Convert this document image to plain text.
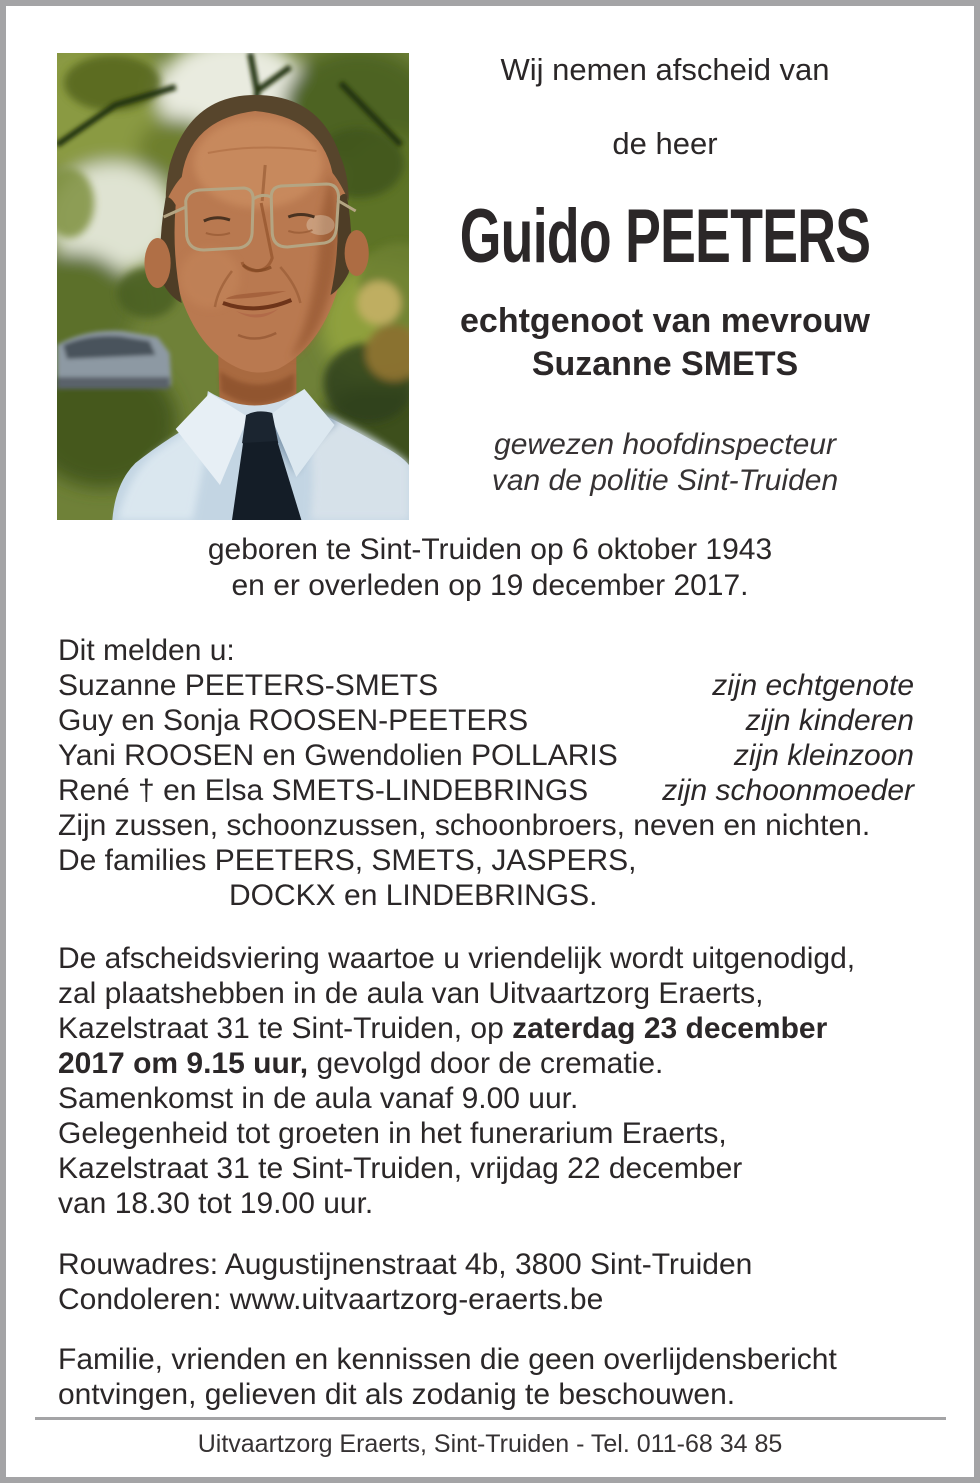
Wij nemen afscheid van
de heer
Guido PEETERS
echtgenoot van mevrouw
Suzanne SMETS
gewezen hoofdinspecteur
van de politie Sint-Truiden
geboren te Sint-Truiden op 6 oktober 1943
en er overleden op 19 december 2017.
Dit melden u:
Suzanne PEETERS-SMETS	zijn echtgenote
Guy en Sonja ROOSEN-PEETERS	zijn kinderen
Yani ROOSEN en Gwendolien POLLARIS	zijn kleinzoon
René † en Elsa SMETS-LINDEBRINGS zijn schoonmoeder
Zijn zussen, schoonzussen, schoonbroers, neven en nichten.
De families PEETERS, SMETS, JASPERS,
DOCKX en LINDEBRINGS.
De afscheidsviering waartoe u vriendelijk wordt uitgenodigd,
zal plaatshebben in de aula van Uitvaartzorg Eraerts,
Kazelstraat 31 te Sint-Truiden, op zaterdag 23 december
2017 om 9.15 uur, gevolgd door de crematie.
Samenkomst in de aula vanaf 9.00 uur.
Gelegenheid tot groeten in het funerarium Eraerts,
Kazelstraat 31 te Sint-Truiden, vrijdag 22 december
van 18.30 tot 19.00 uur.
Rouwadres: Augustijnenstraat 4b, 3800 Sint-Truiden
Condoleren: www.uitvaartzorg-eraerts.be
Familie, vrienden en kennissen die geen overlijdensbericht
ontvingen, gelieven dit als zodanig te beschouwen.
Uitvaartzorg Eraerts, Sint-Truiden - Tel. 011-68 34 85
